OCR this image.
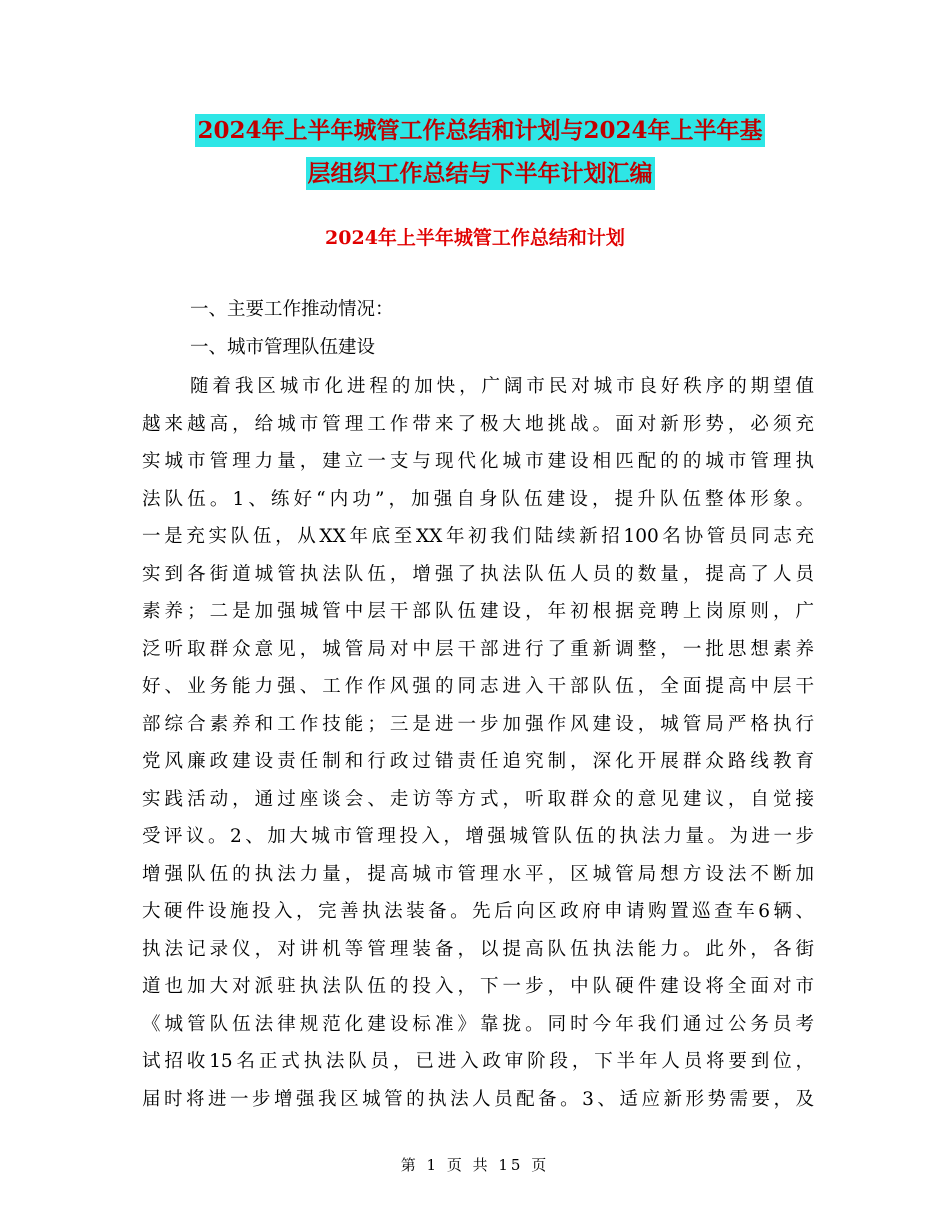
2024年上半年城管工作总结和计划与2024年上半年基
层组织工作总结与下半年计划汇编
2024年上半年城管工作总结和计划
一、主要工作推动情况：
一、城市管理队伍建设
随着我区城市化进程的加快，广阔市民对城市良好秩序的期望值
越来越高，给城市管理工作带来了极大地挑战。面对新形势，必须充
实城市管理力量，建立一支与现代化城市建设相匹配的的城市管理执
法队伍。1、练好“内功”，加强自身队伍建设，提升队伍整体形象。
一是充实队伍，从XX年底至XX年初我们陆续新招100名协管员同志充
实到各街道城管执法队伍，增强了执法队伍人员的数量，提高了人员
素养；二是加强城管中层干部队伍建设，年初根据竞聘上岗原则，广
泛听取群众意见，城管局对中层干部进行了重新调整，一批思想素养
好、业务能力强、工作作风强的同志进入干部队伍，全面提高中层干
部综合素养和工作技能；三是进一步加强作风建设，城管局严格执行
党风廉政建设责任制和行政过错责任追究制，深化开展群众路线教育
实践活动，通过座谈会、走访等方式，听取群众的意见建议，自觉接
受评议。2、加大城市管理投入，增强城管队伍的执法力量。为进一步
增强队伍的执法力量，提高城市管理水平，区城管局想方设法不断加
大硬件设施投入，完善执法装备。先后向区政府申请购置巡查车6辆、
执法记录仪，对讲机等管理装备，以提高队伍执法能力。此外，各街
道也加大对派驻执法队伍的投入，下一步，中队硬件建设将全面对市
《城管队伍法律规范化建设标准》靠拢。同时今年我们通过公务员考
试招收15名正式执法队员，已进入政审阶段，下半年人员将要到位，
届时将进一步增强我区城管的执法人员配备。3、适应新形势需要，及
第 1 页 共 15 页
